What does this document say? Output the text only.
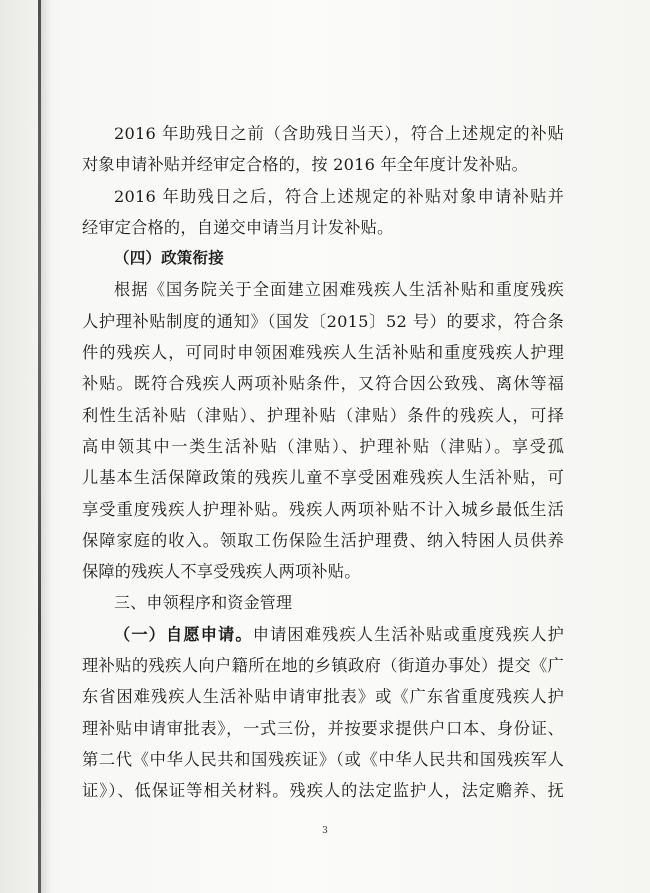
2016 年助残日之前（含助残日当天），符合上述规定的补贴
对象申请补贴并经审定合格的，按 2016 年全年度计发补贴。
2016 年助残日之后，符合上述规定的补贴对象申请补贴并
经审定合格的，自递交申请当月计发补贴。
（四）政策衔接
根据《国务院关于全面建立困难残疾人生活补贴和重度残疾
人护理补贴制度的通知》（国发〔2015〕52 号）的要求，符合条
件的残疾人，可同时申领困难残疾人生活补贴和重度残疾人护理
补贴。既符合残疾人两项补贴条件，又符合因公致残、离休等福
利性生活补贴（津贴）、护理补贴（津贴）条件的残疾人，可择
高申领其中一类生活补贴（津贴）、护理补贴（津贴）。享受孤
儿基本生活保障政策的残疾儿童不享受困难残疾人生活补贴，可
享受重度残疾人护理补贴。残疾人两项补贴不计入城乡最低生活
保障家庭的收入。领取工伤保险生活护理费、纳入特困人员供养
保障的残疾人不享受残疾人两项补贴。
三、申领程序和资金管理
（一）自愿申请。申请困难残疾人生活补贴或重度残疾人护
理补贴的残疾人向户籍所在地的乡镇政府（街道办事处）提交《广
东省困难残疾人生活补贴申请审批表》或《广东省重度残疾人护
理补贴申请审批表》，一式三份，并按要求提供户口本、身份证、
第二代《中华人民共和国残疾证》（或《中华人民共和国残疾军人
证》）、低保证等相关材料。残疾人的法定监护人，法定赡养、抚
3
